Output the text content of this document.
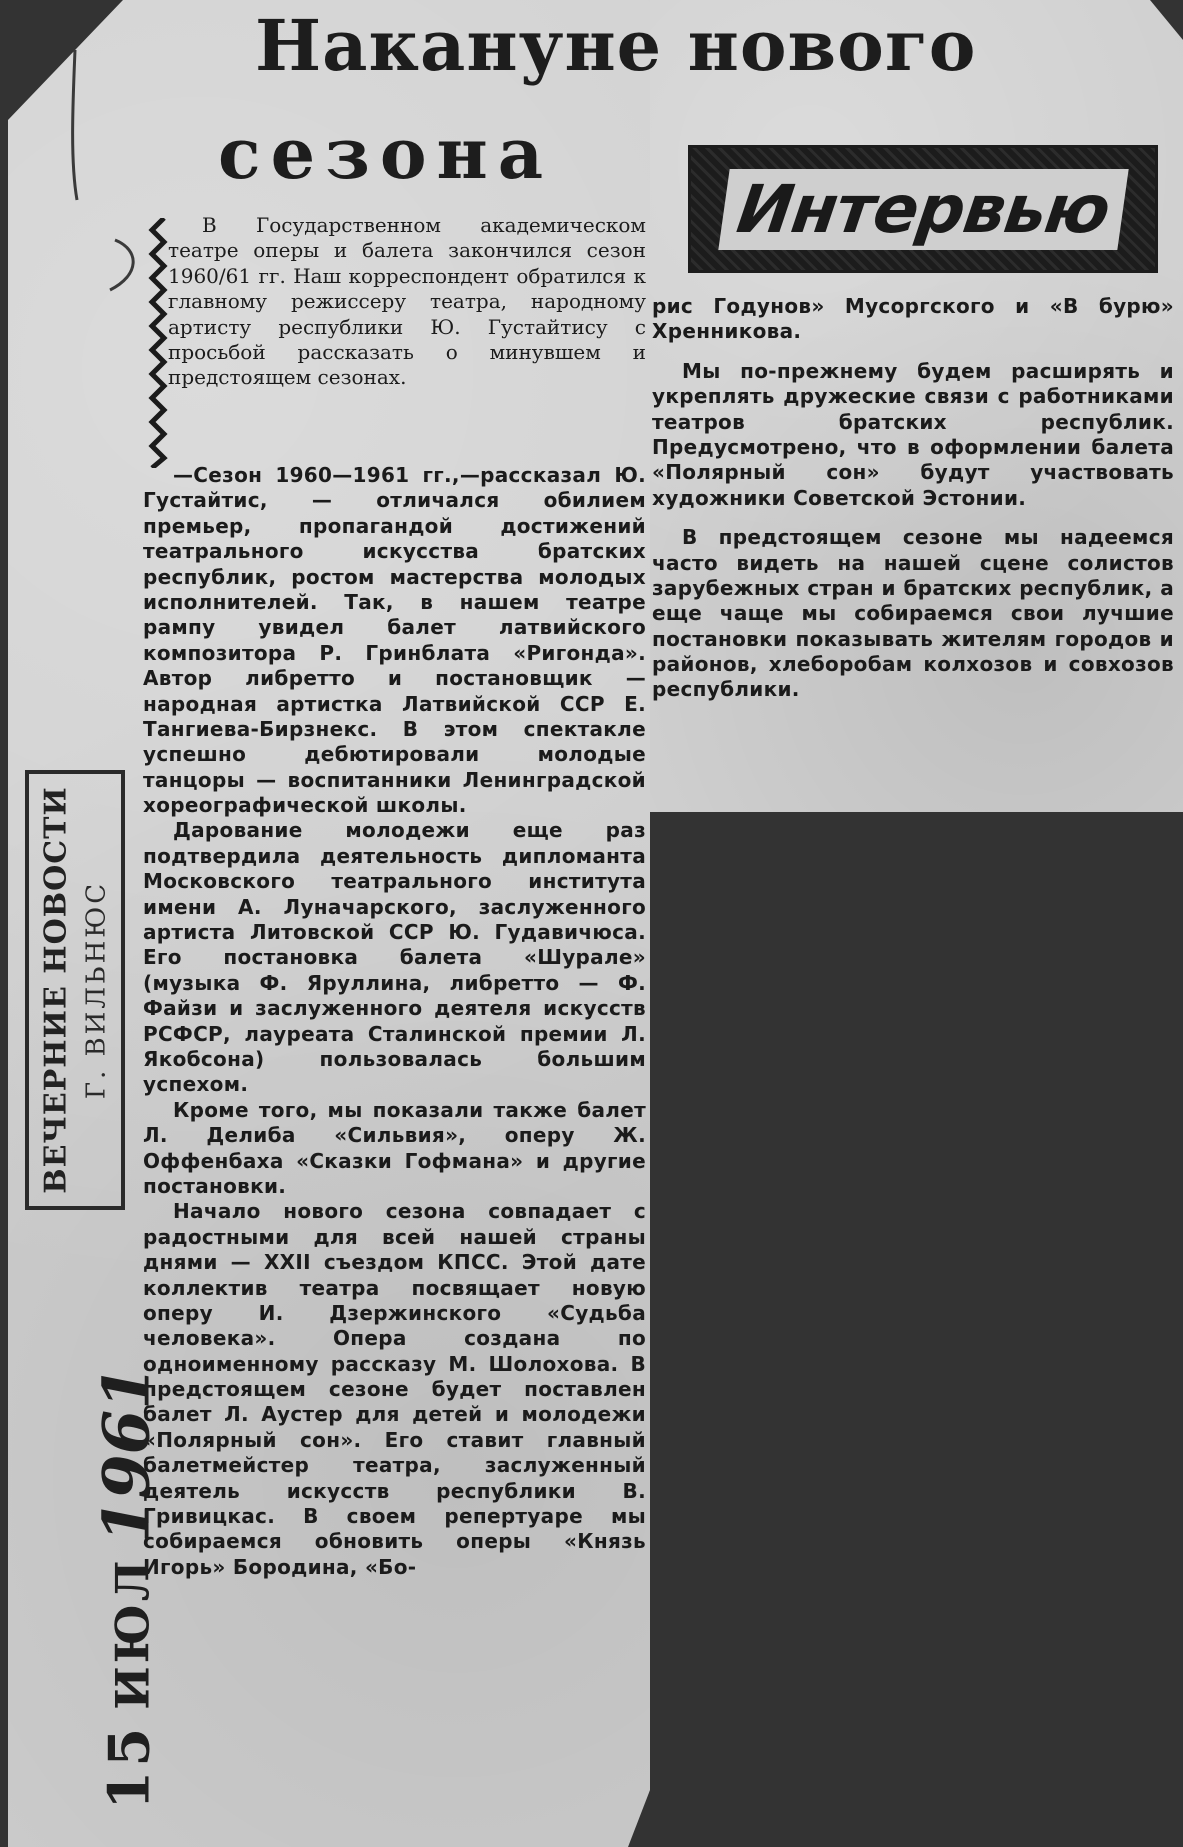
Накануне нового
сезона
Интервью

В Государственном академическом театре оперы и балета закончился сезон 1960/61 гг. Наш корреспондент обратился к главному режиссеру театра, народному артисту республики Ю. Густайтису с просьбой рассказать о минувшем и предстоящем сезонах.

—Сезон 1960—1961 гг.,—рассказал Ю. Густайтис, — отличался обилием премьер, пропагандой достижений театрального искусства братских республик, ростом мастерства молодых исполнителей. Так, в нашем театре рампу увидел балет латвийского композитора Р. Гринблата «Ригонда». Автор либретто и постановщик — народная артистка Латвийской ССР Е. Тангиева-Бирзнекс. В этом спектакле успешно дебютировали молодые танцоры — воспитанники Ленинградской хореографической школы.

Дарование молодежи еще раз подтвердила деятельность дипломанта Московского театрального института имени А. Луначарского, заслуженного артиста Литовской ССР Ю. Гудавичюса. Его постановка балета «Шурале» (музыка Ф. Яруллина, либретто — Ф. Файзи и заслуженного деятеля искусств РСФСР, лауреата Сталинской премии Л. Якобсона) пользовалась большим успехом.

Кроме того, мы показали также балет Л. Делиба «Сильвия», оперу Ж. Оффенбаха «Сказки Гофмана» и другие постановки.

Начало нового сезона совпадает с радостными для всей нашей страны днями — XXII съездом КПСС. Этой дате коллектив театра посвящает новую оперу И. Дзержинского «Судьба человека». Опера создана по одноименному рассказу М. Шолохова. В предстоящем сезоне будет поставлен балет Л. Аустер для детей и молодежи «Полярный сон». Его ставит главный балетмейстер театра, заслуженный деятель искусств республики В. Гривицкас. В своем репертуаре мы собираемся обновить оперы «Князь Игорь» Бородина, «Бо-

рис Годунов» Мусоргского и «В бурю» Хренникова.

Мы по-прежнему будем расширять и укреплять дружеские связи с работниками театров братских республик. Предусмотрено, что в оформлении балета «Полярный сон» будут участвовать художники Советской Эстонии.

В предстоящем сезоне мы надеемся часто видеть на нашей сцене солистов зарубежных стран и братских республик, а еще чаще мы собираемся свои лучшие постановки показывать жителям городов и районов, хлеборобам колхозов и совхозов республики.

ВЕЧЕРНИЕ НОВОСТИ Г. ВИЛЬНЮС
15ИЮЛ1961
